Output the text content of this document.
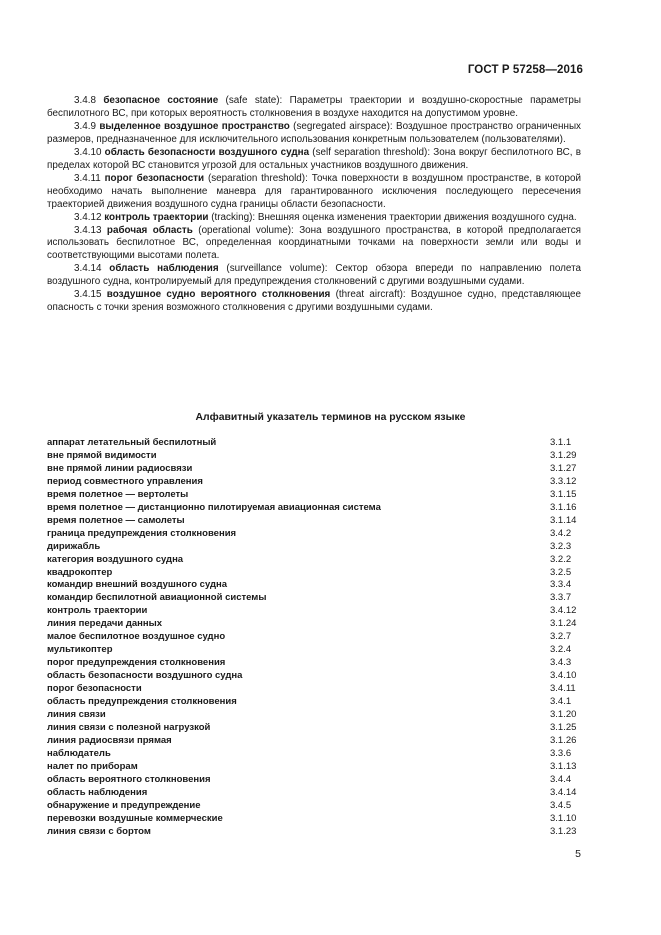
ГОСТ Р 57258—2016

3.4.8 безопасное состояние (safe state): Параметры траектории и воздушно-скоростные параметры беспилотного ВС, при которых вероятность столкновения в воздухе находится на допустимом уровне.

3.4.9 выделенное воздушное пространство (segregated airspace): Воздушное пространство ограниченных размеров, предназначенное для исключительного использования конкретным пользователем (пользователями).

3.4.10 область безопасности воздушного судна (self separation threshold): Зона вокруг беспилотного ВС, в пределах которой ВС становится угрозой для остальных участников воздушного движения.

3.4.11 порог безопасности (separation threshold): Точка поверхности в воздушном пространстве, в которой необходимо начать выполнение маневра для гарантированного исключения последующего пересечения траекторией движения воздушного судна границы области безопасности.

3.4.12 контроль траектории (tracking): Внешняя оценка изменения траектории движения воздушного судна.

3.4.13 рабочая область (operational volume): Зона воздушного пространства, в которой предполагается использовать беспилотное ВС, определенная координатными точками на поверхности земли или воды и соответствующими высотами полета.

3.4.14 область наблюдения (surveillance volume): Сектор обзора впереди по направлению полета воздушного судна, контролируемый для предупреждения столкновений с другими воздушными судами.

3.4.15 воздушное судно вероятного столкновения (threat aircraft): Воздушное судно, представляющее опасность с точки зрения возможного столкновения с другими воздушными судами.

Алфавитный указатель терминов на русском языке
аппарат летательный беспилотный	3.1.1
вне прямой видимости	3.1.29
вне прямой линии радиосвязи	3.1.27
период совместного управления	3.3.12
время полетное — вертолеты	3.1.15
время полетное — дистанционно пилотируемая авиационная система	3.1.16
время полетное — самолеты	3.1.14
граница предупреждения столкновения	3.4.2
дирижабль	3.2.3
категория воздушного судна	3.2.2
квадрокоптер	3.2.5
командир внешний воздушного судна	3.3.4
командир беспилотной авиационной системы	3.3.7
контроль траектории	3.4.12
линия передачи данных	3.1.24
малое беспилотное воздушное судно	3.2.7
мультикоптер	3.2.4
порог предупреждения столкновения	3.4.3
область безопасности воздушного судна	3.4.10
порог безопасности	3.4.11
область предупреждения столкновения	3.4.1
линия связи	3.1.20
линия связи с полезной нагрузкой	3.1.25
линия радиосвязи прямая	3.1.26
наблюдатель	3.3.6
налет по приборам	3.1.13
область вероятного столкновения	3.4.4
область наблюдения	3.4.14
обнаружение и предупреждение	3.4.5
перевозки воздушные коммерческие	3.1.10
линия связи с бортом	3.1.23
5
